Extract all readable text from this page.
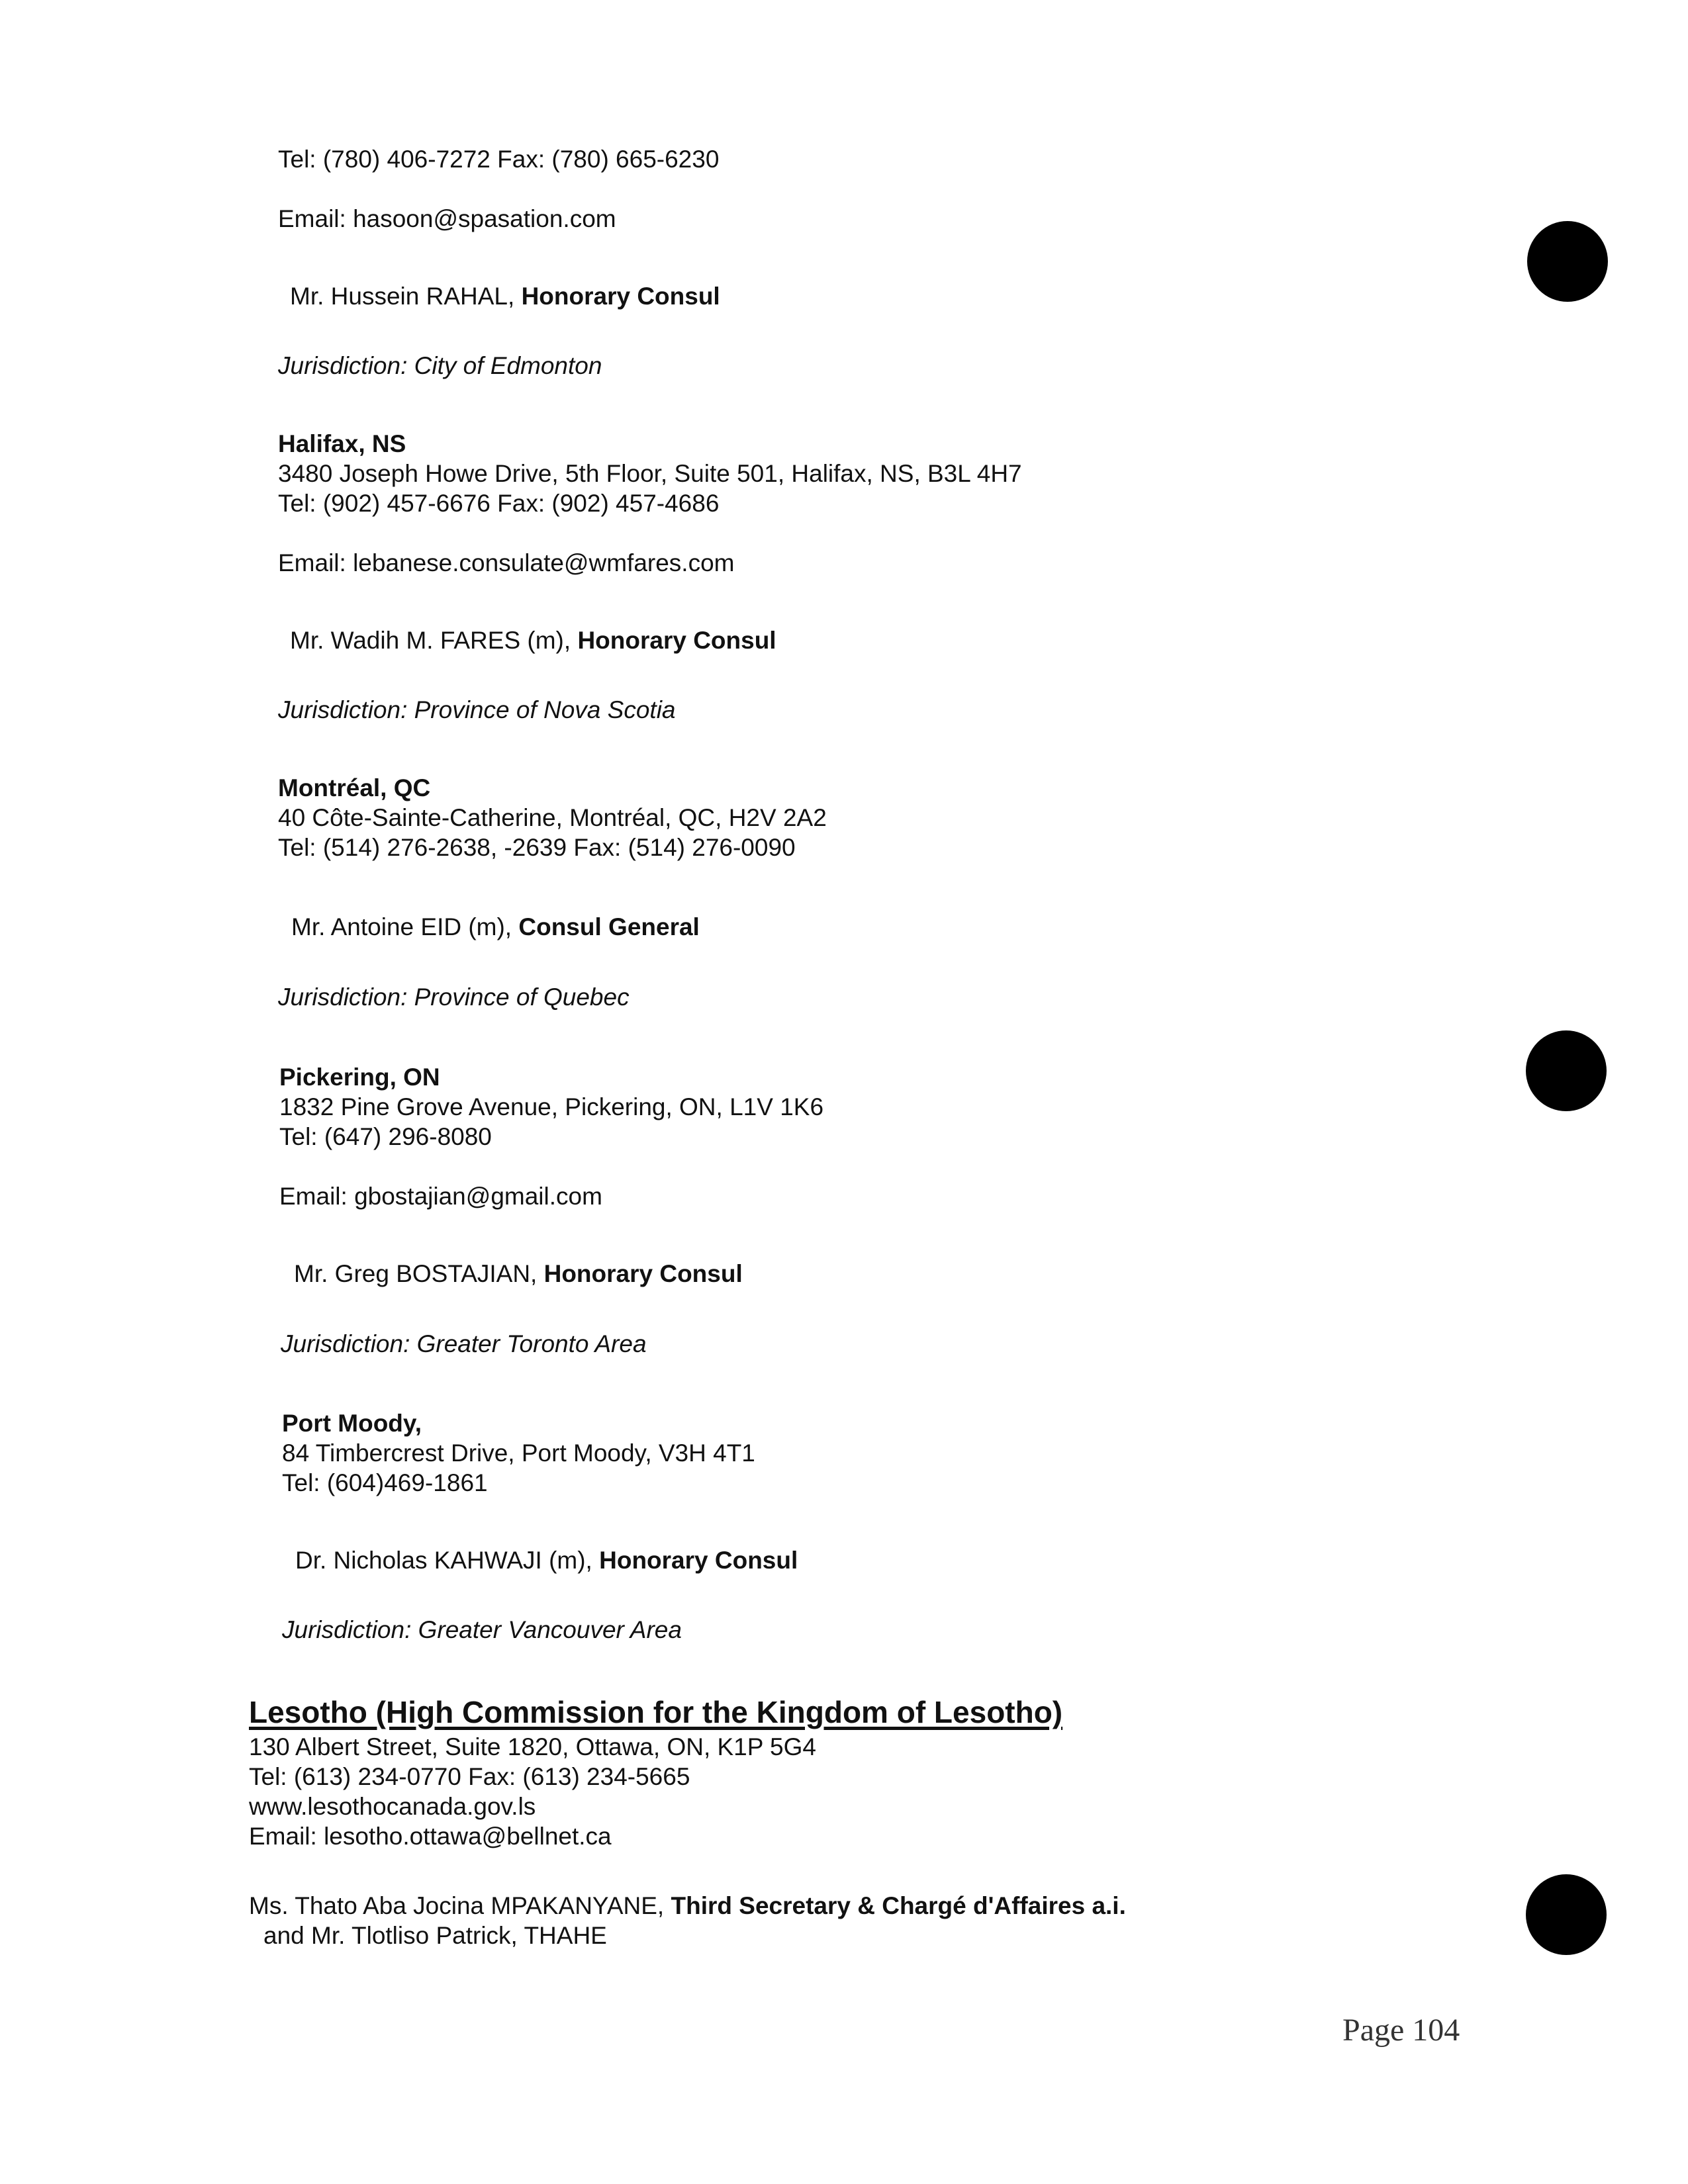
Tel: (780) 406-7272 Fax: (780) 665-6230
Email: hasoon@spasation.com
Mr. Hussein RAHAL, Honorary Consul
Jurisdiction: City of Edmonton
Halifax, NS
3480 Joseph Howe Drive, 5th Floor, Suite 501, Halifax, NS, B3L 4H7
Tel: (902) 457-6676 Fax: (902) 457-4686
Email: lebanese.consulate@wmfares.com
Mr. Wadih M. FARES (m), Honorary Consul
Jurisdiction: Province of Nova Scotia
Montréal, QC
40 Côte-Sainte-Catherine, Montréal, QC, H2V 2A2
Tel: (514) 276-2638, -2639 Fax: (514) 276-0090
Mr. Antoine EID (m), Consul General
Jurisdiction: Province of Quebec
Pickering, ON
1832 Pine Grove Avenue, Pickering, ON, L1V 1K6
Tel: (647) 296-8080
Email: gbostajian@gmail.com
Mr. Greg BOSTAJIAN, Honorary Consul
Jurisdiction: Greater Toronto Area
Port Moody,
84 Timbercrest Drive, Port Moody, V3H 4T1
Tel: (604)469-1861
Dr. Nicholas KAHWAJI (m), Honorary Consul
Jurisdiction: Greater Vancouver Area
Lesotho (High Commission for the Kingdom of Lesotho)
130 Albert Street, Suite 1820, Ottawa, ON, K1P 5G4
Tel: (613) 234-0770 Fax: (613) 234-5665
www.lesothocanada.gov.ls
Email: lesotho.ottawa@bellnet.ca
Ms. Thato Aba Jocina MPAKANYANE, Third Secretary & Chargé d'Affaires a.i.
and Mr. Tlotliso Patrick, THAHE
Page 104
